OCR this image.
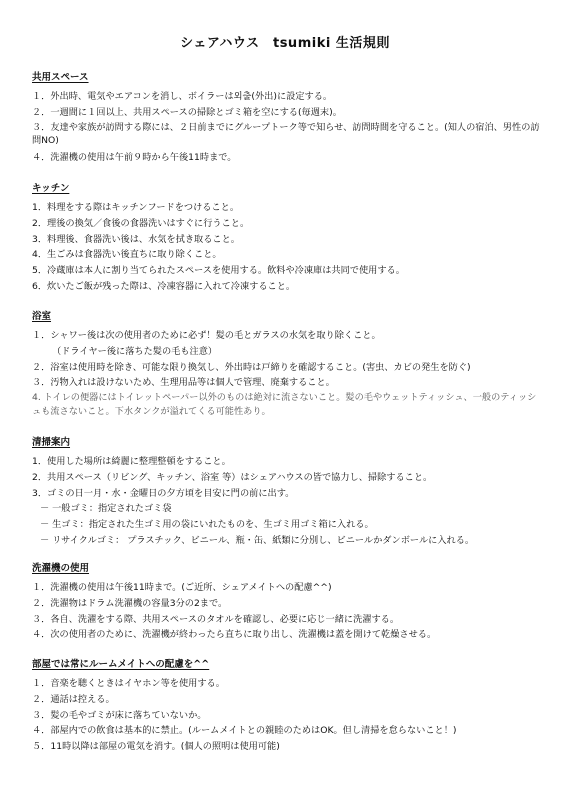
シェアハウス　tsumiki 生活規則
共用スペース

１．外出時、電気やエアコンを消し、ボイラーは외출(外出)に設定する。

２．一週間に１回以上、共用スペースの掃除とゴミ箱を空にする(毎週末)。

３．友達や家族が訪問する際には、２日前までにグループトーク等で知らせ、訪問時間を守ること。(知人の宿泊、男性の訪問NO)

４．洗濯機の使用は午前９時から午後11時まで。

キッチン

1．料理をする際はキッチンフードをつけること。

2．理後の換気／食後の食器洗いはすぐに行うこと。

3．料理後、食器洗い後は、水気を拭き取ること。

4．生ごみは食器洗い後直ちに取り除くこと。

5．冷蔵庫は本人に割り当てられたスペースを使用する。飲料や冷凍庫は共同で使用する。

6．炊いたご飯が残った際は、冷凍容器に入れて冷凍すること。

浴室

１．シャワー後は次の使用者のために必ず！髪の毛とガラスの水気を取り除くこと。

（ドライヤー後に落ちた髪の毛も注意）

２．浴室は使用時を除き、可能な限り換気し、外出時は戸締りを確認すること。(害虫、カビの発生を防ぐ)

３．汚物入れは設けないため、生理用品等は個人で管理、廃棄すること。

4. トイレの便器にはトイレットペーパー以外のものは絶対に流さないこと。髪の毛やウェットティッシュ、一般のティッシュも流さないこと。下水タンクが溢れてくる可能性あり。

清掃案内

1．使用した場所は綺麗に整理整頓をすること。

2．共用スペース（リビング、キッチン、浴室 等）はシェアハウスの皆で協力し、掃除すること。

3．ゴミの日一月・水・金曜日の夕方頃を目安に門の前に出す。

－ 一般ゴミ：指定されたゴミ袋

－ 生ゴミ：指定された生ゴミ用の袋にいれたものを、生ゴミ用ゴミ箱に入れる。

－ リサイクルゴミ： プラスチック、ビニール、瓶・缶、紙類に分別し、ビニールかダンボールに入れる。

洗濯機の使用

１．洗濯機の使用は午後11時まで。(ご近所、シェアメイトへの配慮^^)

２．洗濯物はドラム洗濯機の容量3分の2まで。

３．各自、洗濯をする際、共用スペースのタオルを確認し、必要に応じ一緒に洗濯する。

４．次の使用者のために、洗濯機が終わったら直ちに取り出し、洗濯機は蓋を開けて乾燥させる。

部屋では常にルームメイトへの配慮を^^

１．音楽を聴くときはイヤホン等を使用する。

２．通話は控える。

３．髪の毛やゴミが床に落ちていないか。

４．部屋内での飲食は基本的に禁止。(ルームメイトとの親睦のためはOK。但し清掃を怠らないこと！)

５．11時以降は部屋の電気を消す。(個人の照明は使用可能)
